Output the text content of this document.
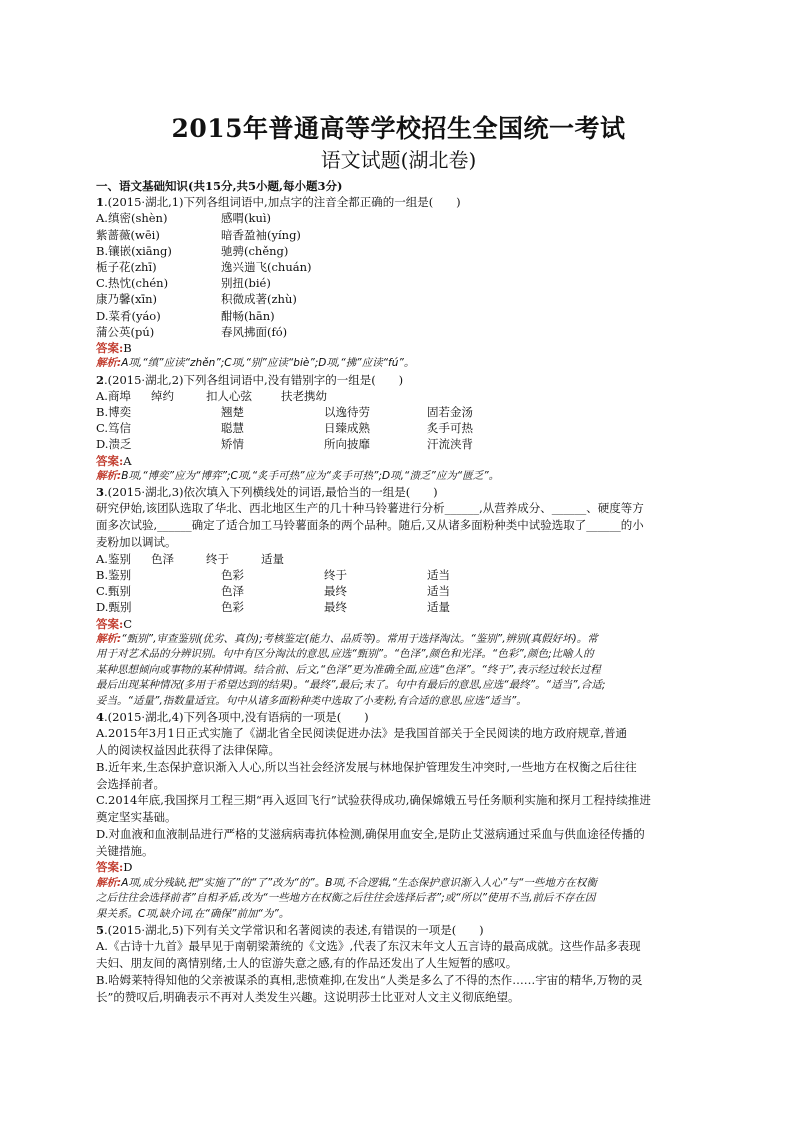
2015年普通高等学校招生全国统一考试
语文试题(湖北卷)
一、语文基础知识(共15分,共5小题,每小题3分)
1.(2015·湖北,1)下列各组词语中,加点字的注音全都正确的一组是(　　)
A.缜密(shèn)	感喟(kuì)
紫蔷薇(wēi)	暗香盈袖(yíng)
B.镶嵌(xiāng)	驰骋(chěng)
栀子花(zhī)	逸兴遄飞(chuán)
C.热忱(chén)	别扭(bié)
康乃馨(xīn)	积微成著(zhù)
D.菜肴(yáo)	酣畅(hān)
蒲公英(pú)	春风拂面(fó)
答案:B
解析:A项,“缜”应读“zhěn”;C项,“别”应读“biè”;D项,“拂”应读“fú”。
2.(2015·湖北,2)下列各组词语中,没有错别字的一组是(　　)
A.商埠 绰约	扣人心弦	扶老携幼
B.博奕	翘楚	以逸待劳	固若金汤
C.笃信	聪慧	日臻成熟	炙手可热
D.溃乏	矫情	所向披靡	汗流浃背
答案:A
解析:B项,“博奕”应为“博弈”;C项,“炙手可热”应为“炙手可热”;D项,“溃乏”应为“匮乏”。
3.(2015·湖北,3)依次填入下列横线处的词语,最恰当的一组是(　　)
研究伊始,该团队选取了华北、西北地区生产的几十种马铃薯进行分析______,从营养成分、______、硬度等方
面多次试验,______确定了适合加工马铃薯面条的两个品种。随后,又从诸多面粉种类中试验选取了______的小
麦粉加以调试。
A.鉴别 色泽	终于	适量
B.鉴别	色彩	终于	适当
C.甄别	色泽	最终	适当
D.甄别	色彩	最终	适量
答案:C
解析:“甄别”,审查鉴别(优劣、真伪);考核鉴定(能力、品质等)。常用于选择淘汰。“鉴别”,辨别(真假好坏)。常
用于对艺术品的分辨识别。句中有区分淘汰的意思,应选“甄别”。“色泽”,颜色和光泽。“色彩”,颜色;比喻人的
某种思想倾向或事物的某种情调。结合前、后文,“色泽”更为准确全面,应选“色泽”。“终于”,表示经过较长过程
最后出现某种情况(多用于希望达到的结果)。“最终”,最后;末了。句中有最后的意思,应选“最终”。“适当”,合适;
妥当。“适量”,指数量适宜。句中从诸多面粉种类中选取了小麦粉,有合适的意思,应选“适当”。
4.(2015·湖北,4)下列各项中,没有语病的一项是(　　)
A.2015年3月1日正式实施了《湖北省全民阅读促进办法》是我国首部关于全民阅读的地方政府规章,普通
人的阅读权益因此获得了法律保障。
B.近年来,生态保护意识渐入人心,所以当社会经济发展与林地保护管理发生冲突时,一些地方在权衡之后往往
会选择前者。
C.2014年底,我国探月工程三期“再入返回飞行”试验获得成功,确保嫦娥五号任务顺利实施和探月工程持续推进
奠定坚实基础。
D.对血液和血液制品进行严格的艾滋病病毒抗体检测,确保用血安全,是防止艾滋病通过采血与供血途径传播的
关键措施。
答案:D
解析:A项,成分残缺,把“实施了”的“了”改为“的”。B项,不合逻辑,“生态保护意识渐入人心”与“一些地方在权衡
之后往往会选择前者”自相矛盾,改为“一些地方在权衡之后往往会选择后者”;或“所以”使用不当,前后不存在因
果关系。C项,缺介词,在“确保”前加“为”。
5.(2015·湖北,5)下列有关文学常识和名著阅读的表述,有错误的一项是(　　)
A.《古诗十九首》最早见于南朝梁萧统的《文选》,代表了东汉末年文人五言诗的最高成就。这些作品多表现
夫妇、朋友间的离情别绪,士人的宦游失意之感,有的作品还发出了人生短暂的感叹。
B.哈姆莱特得知他的父亲被谋杀的真相,悲愤难抑,在发出“人类是多么了不得的杰作……宇宙的精华,万物的灵
长”的赞叹后,明确表示不再对人类发生兴趣。这说明莎士比亚对人文主义彻底绝望。
